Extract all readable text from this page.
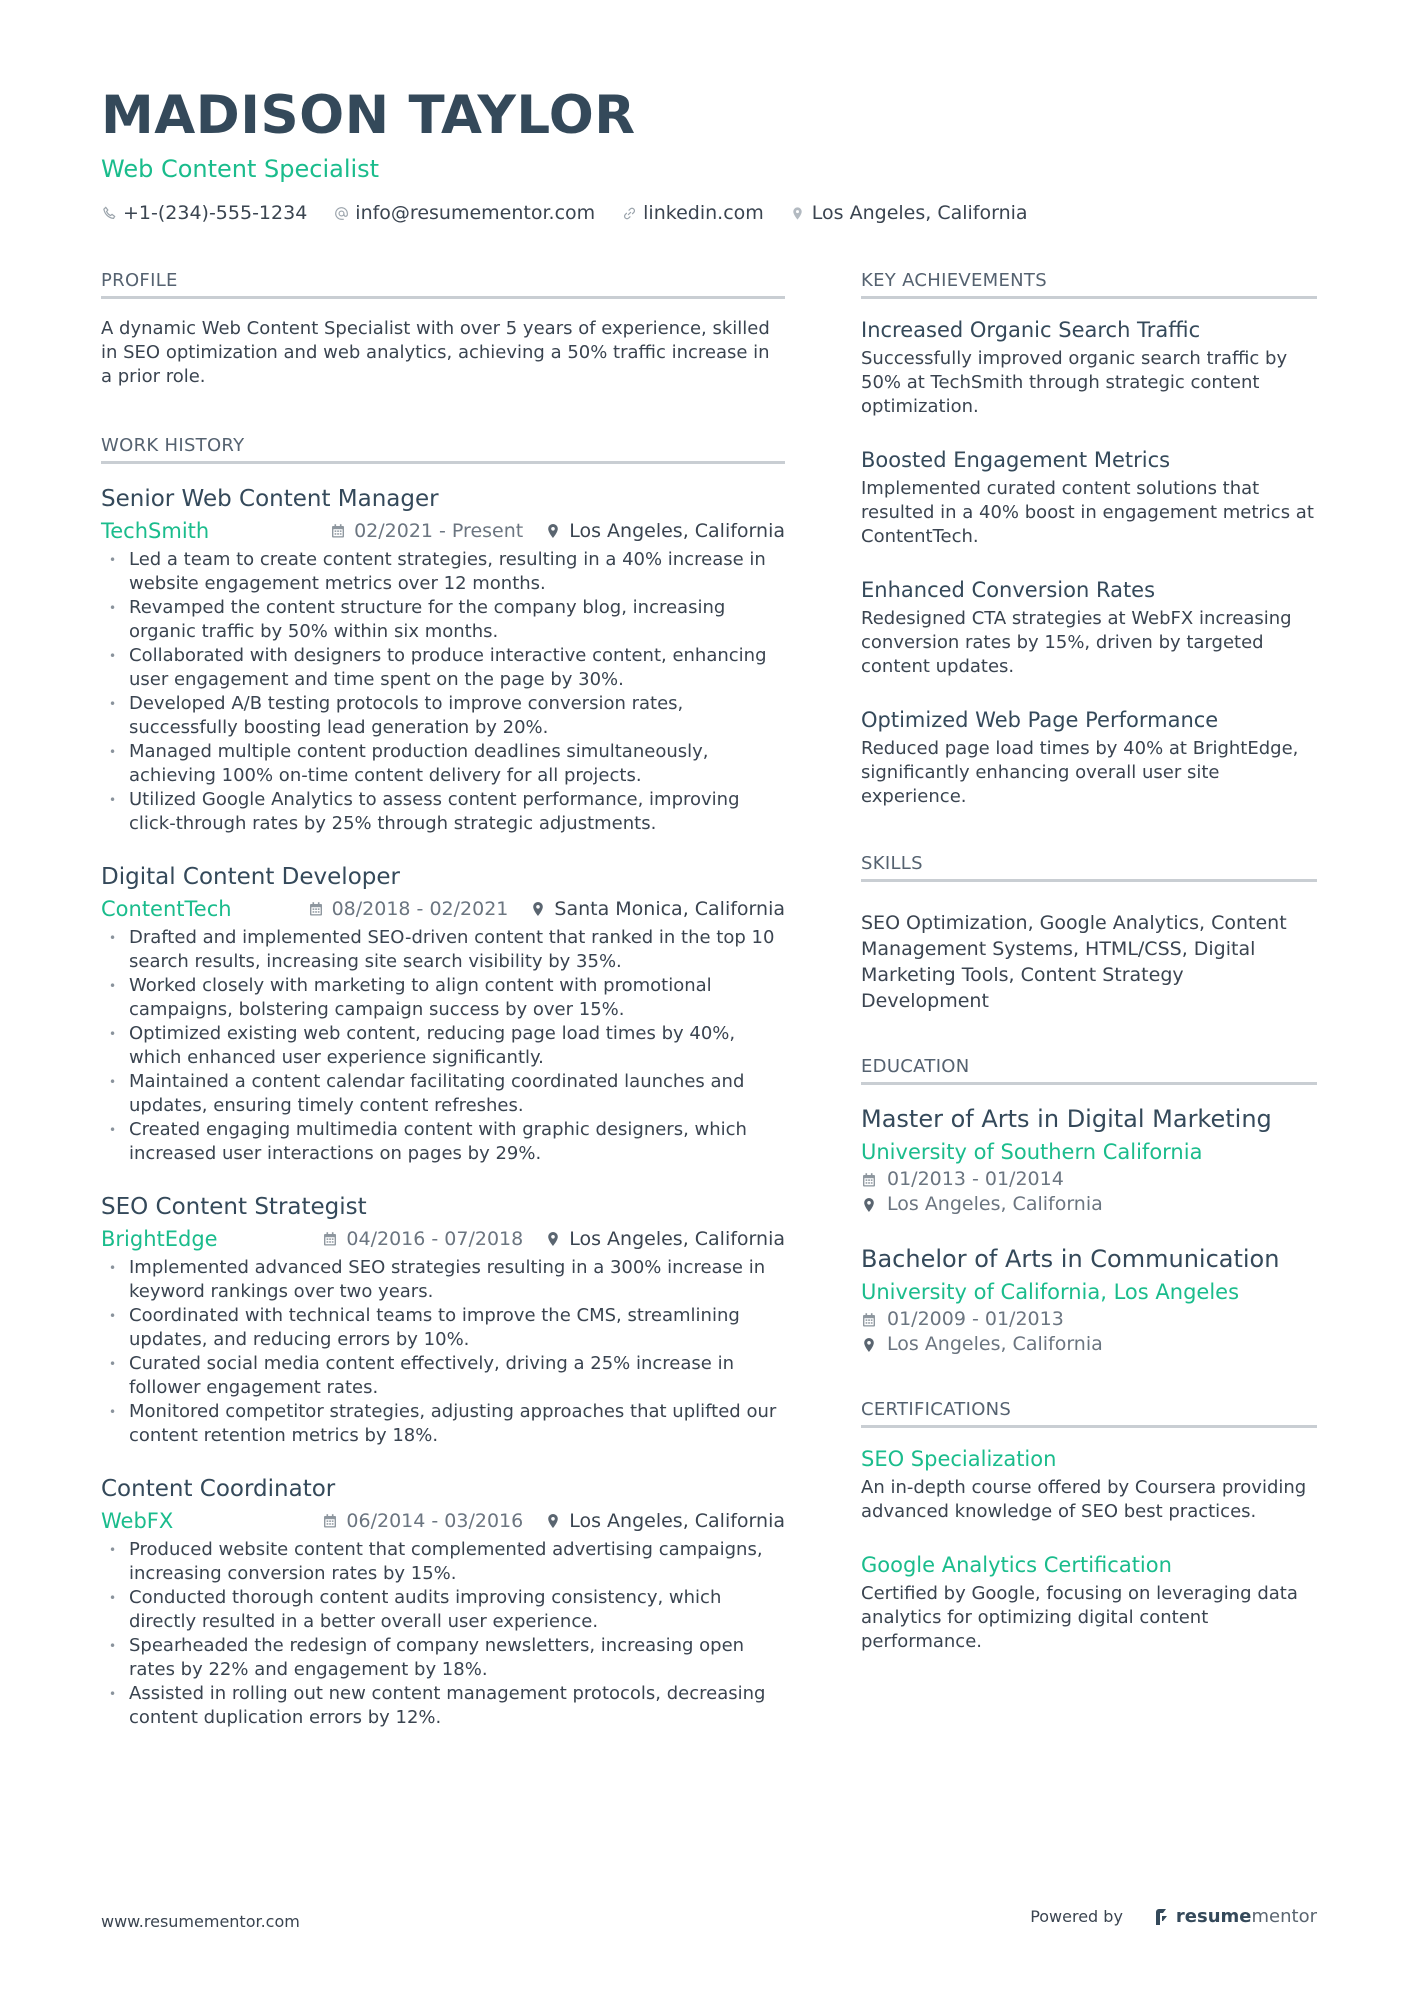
MADISON TAYLOR
Web Content Specialist
+1-(234)-555-1234	info@resumementor.com	linkedin.com	Los Angeles, California
PROFILE
A dynamic Web Content Specialist with over 5 years of experience, skilled in SEO optimization and web analytics, achieving a 50% traffic increase in a prior role.
WORK HISTORY
Senior Web Content Manager
TechSmith	02/2021 - Present Los Angeles, California
• Led a team to create content strategies, resulting in a 40% increase in website engagement metrics over 12 months.
• Revamped the content structure for the company blog, increasing organic traffic by 50% within six months.
• Collaborated with designers to produce interactive content, enhancing user engagement and time spent on the page by 30%.
• Developed A/B testing protocols to improve conversion rates, successfully boosting lead generation by 20%.
• Managed multiple content production deadlines simultaneously, achieving 100% on-time content delivery for all projects.
• Utilized Google Analytics to assess content performance, improving click-through rates by 25% through strategic adjustments.
Digital Content Developer
ContentTech	08/2018 - 02/2021 Santa Monica, California
• Drafted and implemented SEO-driven content that ranked in the top 10 search results, increasing site search visibility by 35%.
• Worked closely with marketing to align content with promotional campaigns, bolstering campaign success by over 15%.
• Optimized existing web content, reducing page load times by 40%, which enhanced user experience significantly.
• Maintained a content calendar facilitating coordinated launches and updates, ensuring timely content refreshes.
• Created engaging multimedia content with graphic designers, which increased user interactions on pages by 29%.
SEO Content Strategist
BrightEdge	04/2016 - 07/2018 Los Angeles, California
• Implemented advanced SEO strategies resulting in a 300% increase in keyword rankings over two years.
• Coordinated with technical teams to improve the CMS, streamlining updates, and reducing errors by 10%.
• Curated social media content effectively, driving a 25% increase in follower engagement rates.
• Monitored competitor strategies, adjusting approaches that uplifted our content retention metrics by 18%.
Content Coordinator
WebFX	06/2014 - 03/2016 Los Angeles, California
• Produced website content that complemented advertising campaigns, increasing conversion rates by 15%.
• Conducted thorough content audits improving consistency, which directly resulted in a better overall user experience.
• Spearheaded the redesign of company newsletters, increasing open rates by 22% and engagement by 18%.
• Assisted in rolling out new content management protocols, decreasing content duplication errors by 12%.
KEY ACHIEVEMENTS
Increased Organic Search Traffic
Successfully improved organic search traffic by 50% at TechSmith through strategic content optimization.
Boosted Engagement Metrics
Implemented curated content solutions that resulted in a 40% boost in engagement metrics at ContentTech.
Enhanced Conversion Rates
Redesigned CTA strategies at WebFX increasing conversion rates by 15%, driven by targeted content updates.
Optimized Web Page Performance
Reduced page load times by 40% at BrightEdge, significantly enhancing overall user site experience.
SKILLS
SEO Optimization, Google Analytics, Content Management Systems, HTML/CSS, Digital Marketing Tools, Content Strategy Development
EDUCATION
Master of Arts in Digital Marketing
University of Southern California
01/2013 - 01/2014
Los Angeles, California
Bachelor of Arts in Communication
University of California, Los Angeles
01/2009 - 01/2013
Los Angeles, California
CERTIFICATIONS
SEO Specialization
An in-depth course offered by Coursera providing advanced knowledge of SEO best practices.
Google Analytics Certification
Certified by Google, focusing on leveraging data analytics for optimizing digital content performance.
www.resumementor.com	Powered by	resume mentor
